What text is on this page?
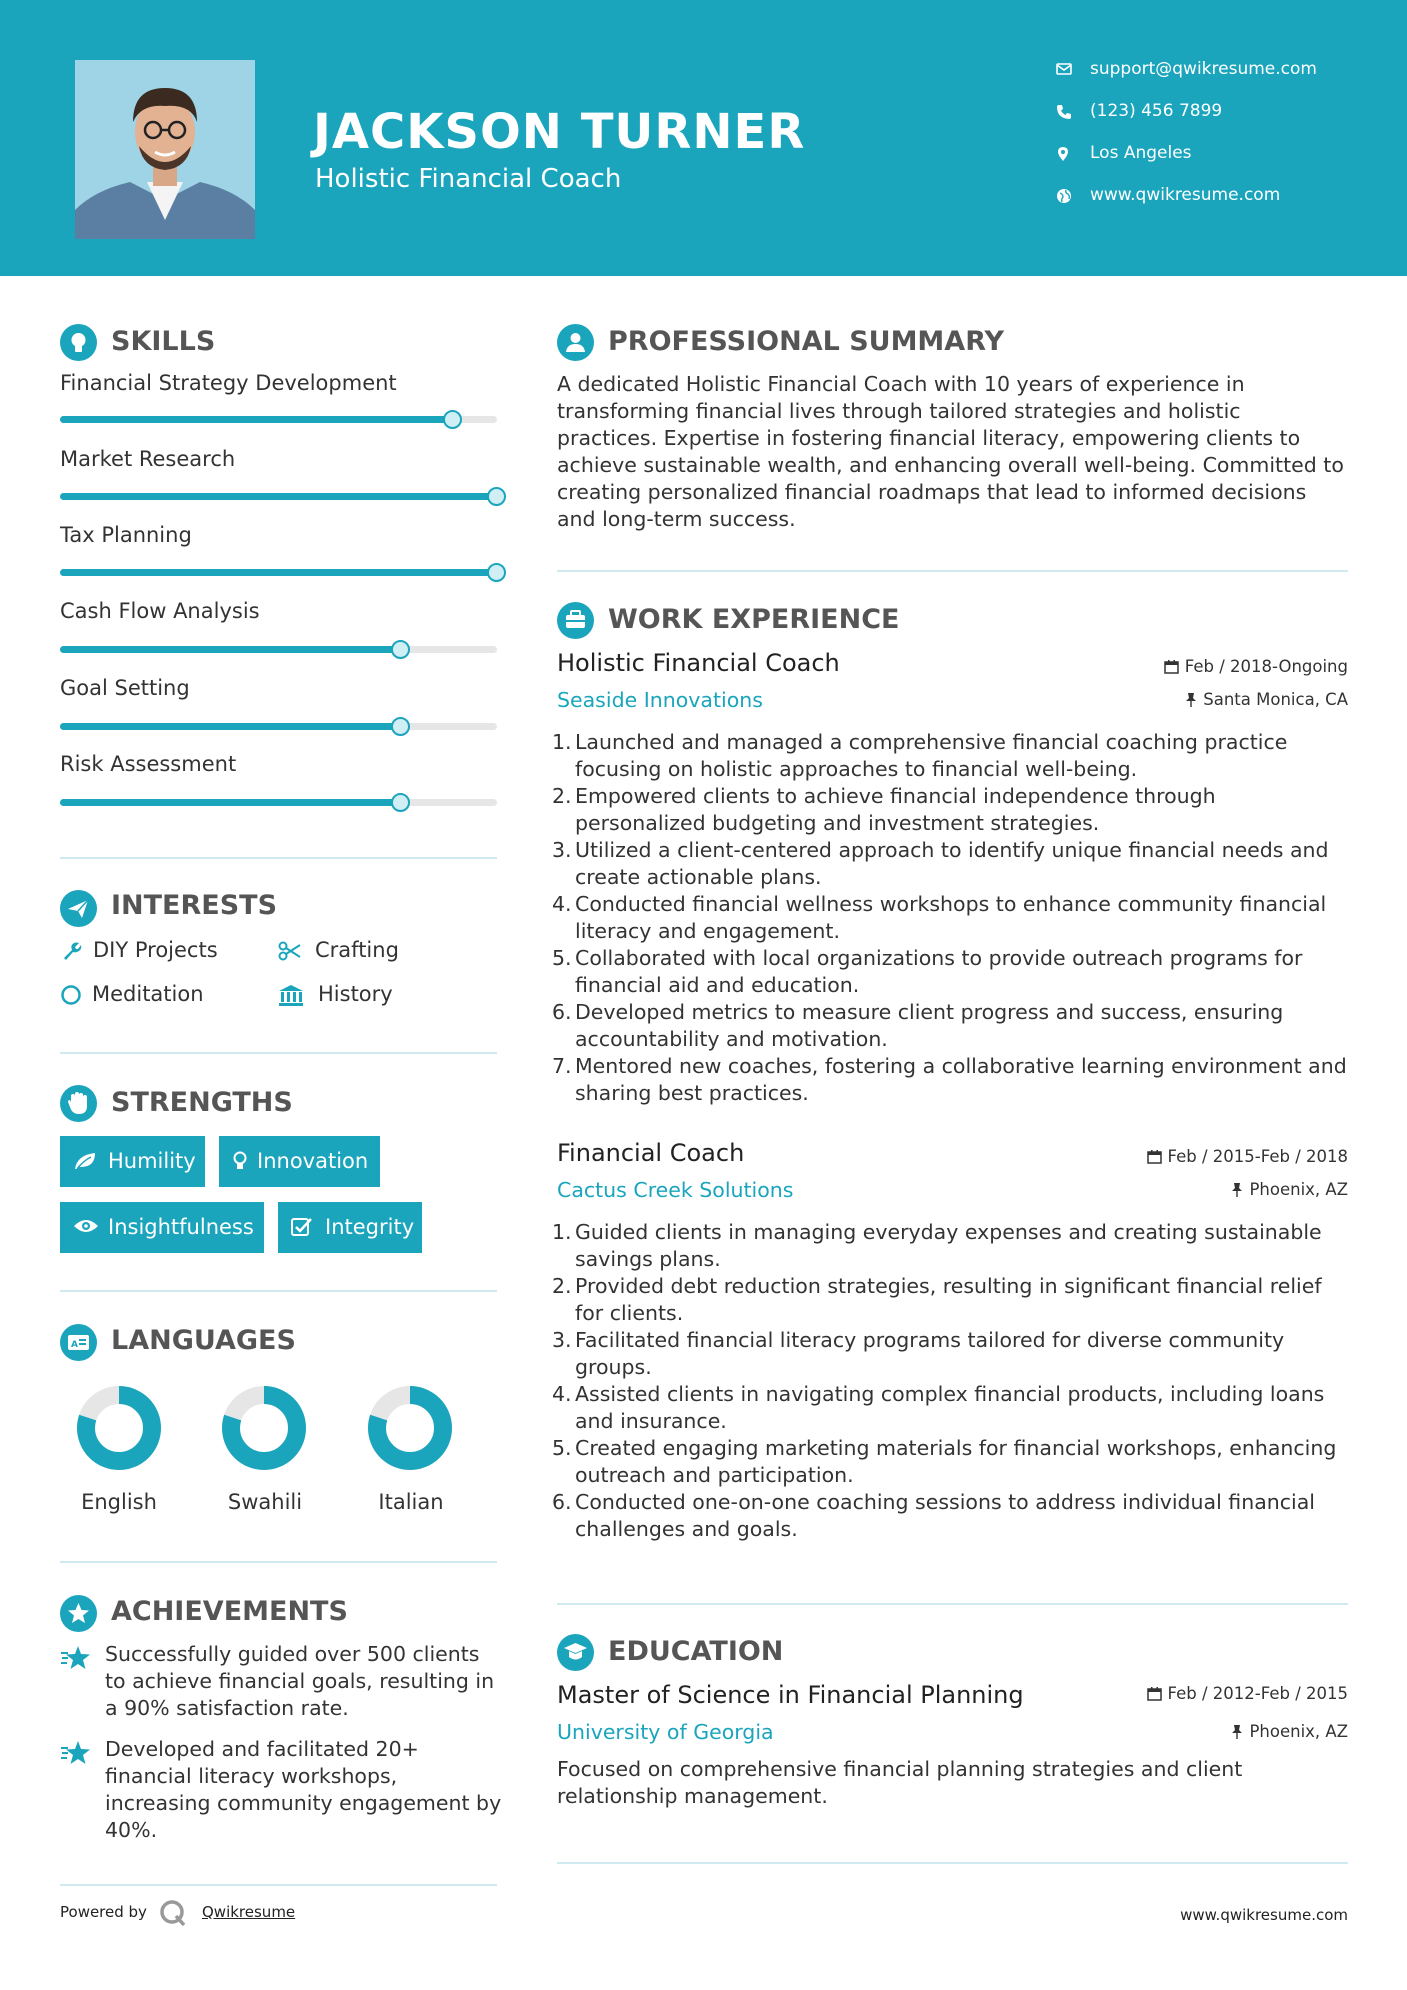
JACKSON TURNER
Holistic Financial Coach
support@qwikresume.com
(123) 456 7899
Los Angeles
www.qwikresume.com
SKILLS
Financial Strategy Development
Market Research
Tax Planning
Cash Flow Analysis
Goal Setting
Risk Assessment
INTERESTS
DIY Projects	Crafting
Meditation	History
STRENGTHS
Humility	Innovation
Insightfulness	Integrity
A LANGUAGES
English	Swahili	Italian
ACHIEVEMENTS
Successfully guided over 500 clients to achieve financial goals, resulting in a 90% satisfaction rate.
Developed and facilitated 20+ financial literacy workshops, increasing community engagement by 40%.
PROFESSIONAL SUMMARY
A dedicated Holistic Financial Coach with 10 years of experience in transforming financial lives through tailored strategies and holistic practices. Expertise in fostering financial literacy, empowering clients to achieve sustainable wealth, and enhancing overall well-being. Committed to creating personalized financial roadmaps that lead to informed decisions and long-term success.
WORK EXPERIENCE
Holistic Financial Coach	Feb / 2018-Ongoing
Seaside Innovations	Santa Monica, CA
1. Launched and managed a comprehensive financial coaching practice focusing on holistic approaches to financial well-being.
2. Empowered clients to achieve financial independence through personalized budgeting and investment strategies.
3. Utilized a client-centered approach to identify unique financial needs and create actionable plans.
4. Conducted financial wellness workshops to enhance community financial literacy and engagement.
5. Collaborated with local organizations to provide outreach programs for financial aid and education.
6. Developed metrics to measure client progress and success, ensuring accountability and motivation.
7. Mentored new coaches, fostering a collaborative learning environment and sharing best practices.
Financial Coach	Feb / 2015-Feb / 2018
Cactus Creek Solutions	Phoenix, AZ
1. Guided clients in managing everyday expenses and creating sustainable savings plans.
2. Provided debt reduction strategies, resulting in significant financial relief for clients.
3. Facilitated financial literacy programs tailored for diverse community groups.
4. Assisted clients in navigating complex financial products, including loans and insurance.
5. Created engaging marketing materials for financial workshops, enhancing outreach and participation.
6. Conducted one-on-one coaching sessions to address individual financial challenges and goals.
EDUCATION
Master of Science in Financial Planning	Feb / 2012-Feb / 2015
University of Georgia	Phoenix, AZ
Focused on comprehensive financial planning strategies and client relationship management.
Powered by	Qwikresume	www.qwikresume.com
